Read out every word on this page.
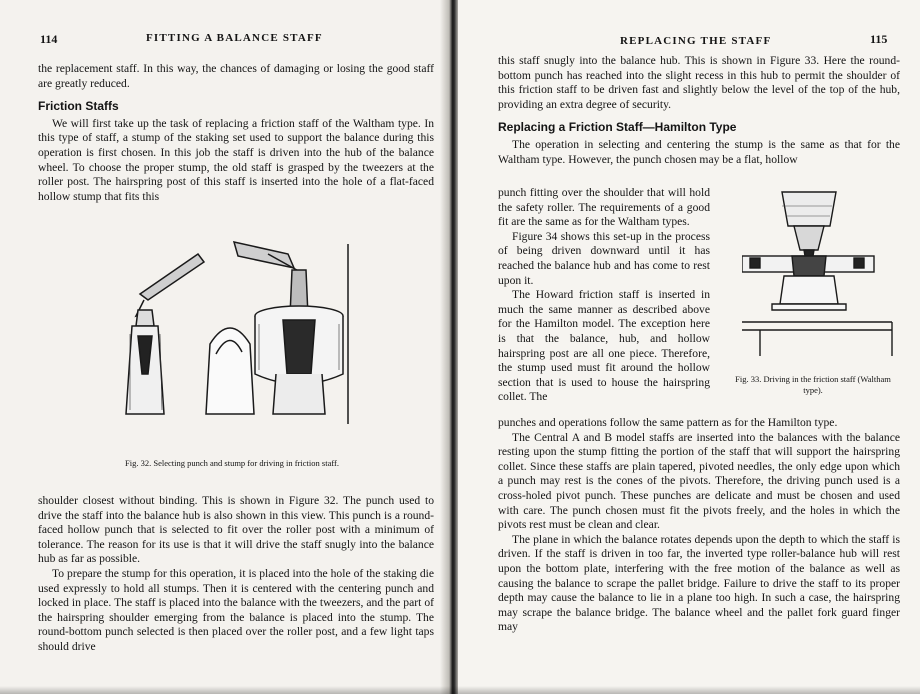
114	FITTING A BALANCE STAFF

the replacement staff. In this way, the chances of damaging or losing the good staff are greatly reduced.

Friction Staffs

We will first take up the task of replacing a friction staff of the Waltham type. In this type of staff, a stump of the staking set used to support the balance during this operation is first chosen. In this job the staff is driven into the hub of the balance wheel. To choose the proper stump, the old staff is grasped by the tweezers at the roller post. The hairspring post of this staff is inserted into the hole of a flat-faced hollow stump that fits this

Fig. 32. Selecting punch and stump for driving in friction staff.

shoulder closest without binding. This is shown in Figure 32. The punch used to drive the staff into the balance hub is also shown in this view. This punch is a round-faced hollow punch that is selected to fit over the roller post with a minimum of tolerance. The reason for its use is that it will drive the staff snugly into the balance hub as far as possible.

To prepare the stump for this operation, it is placed into the hole of the staking die used expressly to hold all stumps. Then it is centered with the centering punch and locked in place. The staff is placed into the balance with the tweezers, and the part of the hairspring shoulder emerging from the balance is placed into the stump. The round-bottom punch selected is then placed over the roller post, and a few light taps should drive

REPLACING THE STAFF	115

this staff snugly into the balance hub. This is shown in Figure 33. Here the round-bottom punch has reached into the slight recess in this hub to permit the shoulder of this friction staff to be driven fast and slightly below the level of the top of the hub, providing an extra degree of security.

Replacing a Friction Staff—Hamilton Type

The operation in selecting and centering the stump is the same as that for the Waltham type. However, the punch chosen may be a flat, hollow

punch fitting over the shoulder that will hold the safety roller. The requirements of a good fit are the same as for the Waltham types.

Figure 34 shows this set-up in the process of being driven downward until it has reached the balance hub and has come to rest upon it.

The Howard friction staff is inserted in much the same manner as described above for the Hamilton model. The exception here is that the balance, hub, and hollow hairspring post are all one piece. Therefore, the stump used must fit around the hollow section that is used to house the hairspring collet. The

Fig. 33. Driving in the friction staff (Waltham type).

punches and operations follow the same pattern as for the Hamilton type.

The Central A and B model staffs are inserted into the balances with the balance resting upon the stump fitting the portion of the staff that will support the hairspring collet. Since these staffs are plain tapered, pivoted needles, the only edge upon which a punch may rest is the cones of the pivots. Therefore, the driving punch used is a cross-holed pivot punch. These punches are delicate and must be chosen and used with care. The punch chosen must fit the pivots freely, and the holes in which the pivots rest must be clean and clear.

The plane in which the balance rotates depends upon the depth to which the staff is driven. If the staff is driven in too far, the inverted type roller-balance hub will rest upon the bottom plate, interfering with the free motion of the balance as well as causing the balance to scrape the pallet bridge. Failure to drive the staff to its proper depth may cause the balance to lie in a plane too high. In such a case, the hairspring may scrape the balance bridge. The balance wheel and the pallet fork guard finger may
